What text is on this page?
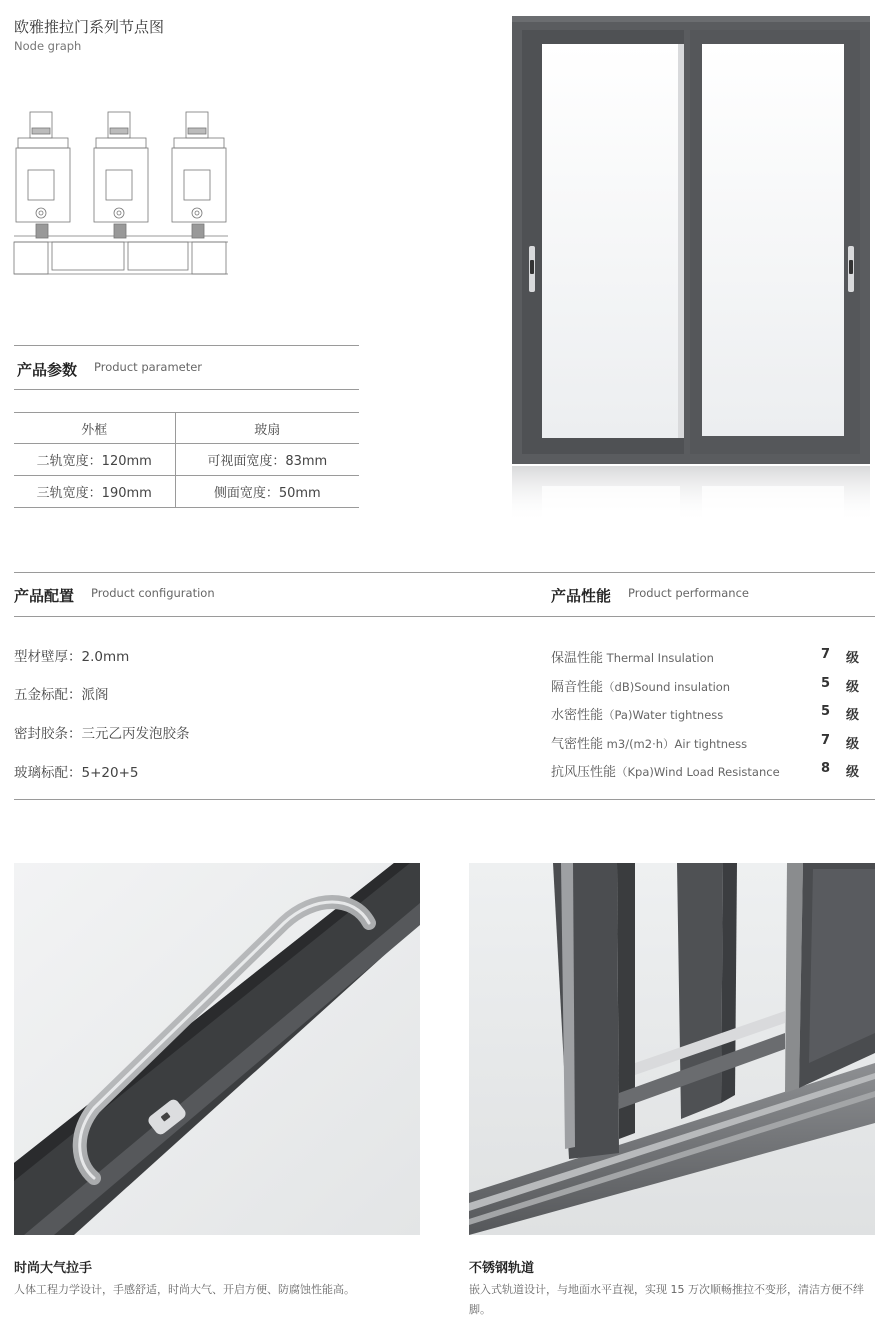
欧雅推拉门系列节点图
Node graph
产品参数 Product parameter
外框	玻扇
二轨宽度：120mm	可视面宽度：83mm
三轨宽度：190mm	侧面宽度：50mm
产品配置 Product configuration	产品性能 Product performance
型材壁厚：2.0mm
五金标配：派阁
密封胶条：三元乙丙发泡胶条
玻璃标配：5+20+5
保温性能 Thermal Insulation	7 级
隔音性能（dB)Sound insulation	5 级
水密性能（Pa)Water tightness	5 级
气密性能 m3/(m2·h）Air tightness	7 级
抗风压性能（Kpa)Wind Load Resistance	8 级
时尚大气拉手
人体工程力学设计，手感舒适，时尚大气、开启方便、防腐蚀性能高。
不锈钢轨道
嵌入式轨道设计，与地面水平直视，实现 15 万次顺畅推拉不变形，清洁方便不绊脚。
